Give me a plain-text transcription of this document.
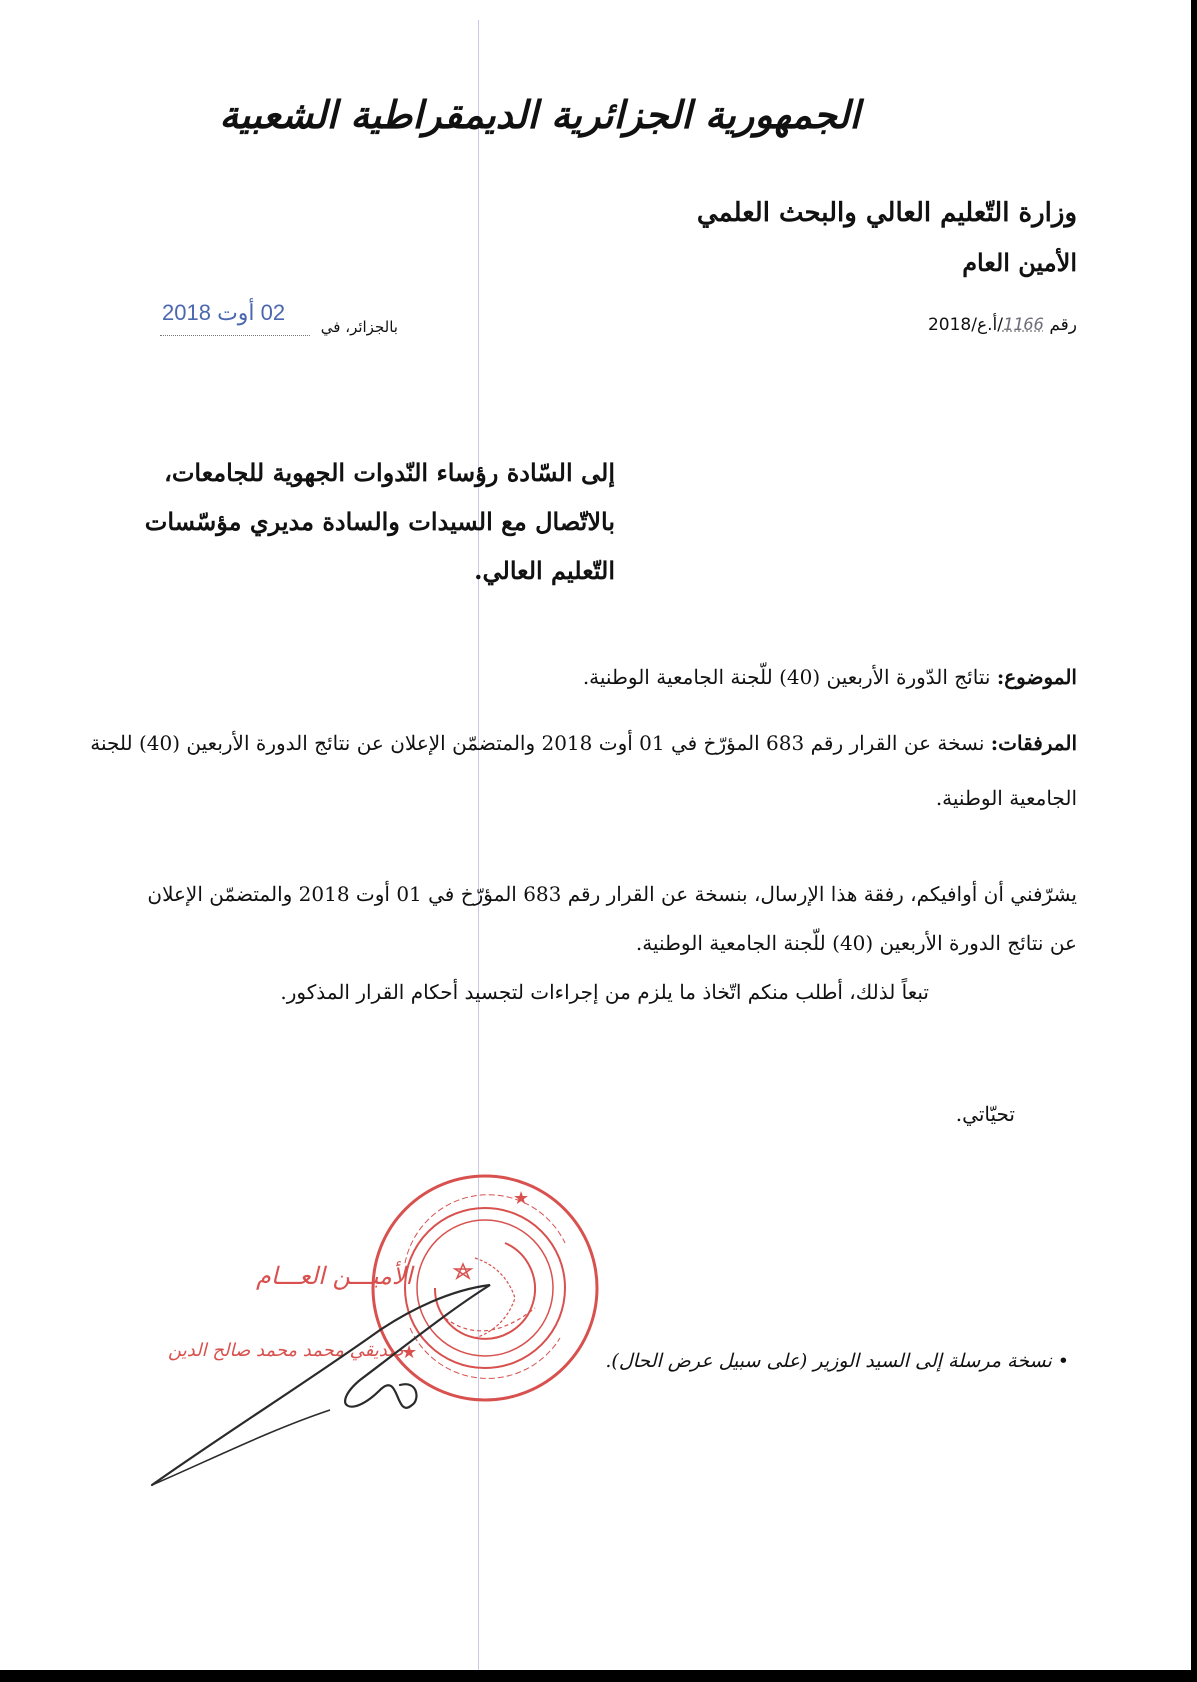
الجمهورية الجزائرية الديمقراطية الشعبية
وزارة التّعليم العالي والبحث العلمي
الأمين العام
رقم 1166/أ.ع/2018
02 أوت 2018
بالجزائر، في
إلى السّادة رؤساء النّدوات الجهوية للجامعات،
بالاتّصال مع السيدات والسادة مديري مؤسّسات
التّعليم العالي.
الموضوع: نتائج الدّورة الأربعين (40) للّجنة الجامعية الوطنية.
المرفقات: نسخة عن القرار رقم 683 المؤرّخ في 01 أوت 2018 والمتضمّن الإعلان عن نتائج الدورة الأربعين (40) للجنة الجامعية الوطنية.
يشرّفني أن أوافيكم، رفقة هذا الإرسال، بنسخة عن القرار رقم 683 المؤرّخ في 01 أوت 2018 والمتضمّن الإعلان عن نتائج الدورة الأربعين (40) للّجنة الجامعية الوطنية.
تبعاً لذلك، أطلب منكم اتّخاذ ما يلزم من إجراءات لتجسيد أحكام القرار المذكور.
تحيّاتي.
★
★
الأميـــن العـــام
صديقي محمد محمد صالح الدين	• نسخة مرسلة إلى السيد الوزير (على سبيل عرض الحال).
